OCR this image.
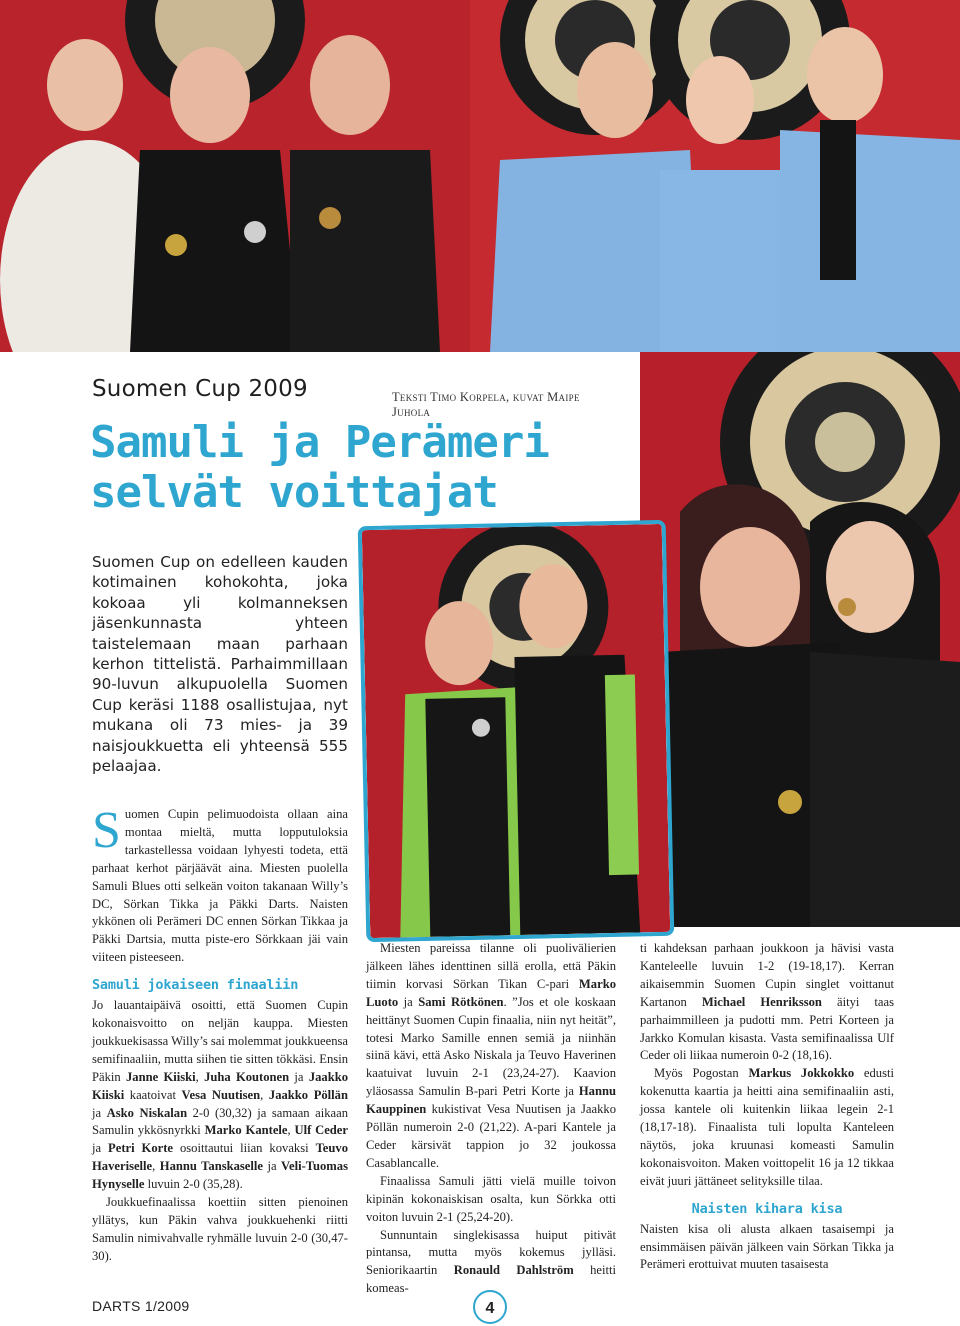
Suomen Cup 2009	Teksti Timo Korpela, kuvat Maipe Juhola
Samuli ja Perämeri
selvät voittajat

Suomen Cup on edelleen kauden kotimainen kohokohta, joka kokoaa yli kolmanneksen jäsenkunnasta yhteen taistelemaan maan parhaan kerhon tittelistä. Parhaimmillaan 90-luvun alkupuolella Suomen Cup keräsi 1188 osallistujaa, nyt mukana oli 73 mies- ja 39 naisjoukkuetta eli yhteensä 555 pelaajaa.

Suomen Cupin pelimuodoista ollaan aina montaa mieltä, mutta lopputuloksia tarkastellessa voidaan lyhyesti todeta, että parhaat kerhot pärjäävät aina. Miesten puolella Samuli Blues otti selkeän voiton takanaan Willy’s DC, Sörkan Tikka ja Päkki Darts. Naisten ykkönen oli Perämeri DC ennen Sörkan Tikkaa ja Päkki Dartsia, mutta piste-ero Sörkkaan jäi vain viiteen pisteeseen.

Samuli jokaiseen finaaliin

Jo lauantaipäivä osoitti, että Suomen Cupin kokonaisvoitto on neljän kauppa. Miesten joukkuekisassa Willy’s sai molemmat joukkueensa semifinaaliin, mutta siihen tie sitten tökkäsi. Ensin Päkin Janne Kiiski, Juha Koutonen ja Jaakko Kiiski kaatoivat Vesa Nuutisen, Jaakko Pöllän ja Asko Niskalan 2-0 (30,32) ja samaan aikaan Samulin ykkösnyrkki Marko Kantele, Ulf Ceder ja Petri Korte osoittautui liian kovaksi Teuvo Haveriselle, Hannu Tanskaselle ja Veli-Tuomas Hynyselle luvuin 2-0 (35,28).

Joukkuefinaalissa koettiin sitten pienoinen yllätys, kun Päkin vahva joukkuehenki riitti Samulin nimivahvalle ryhmälle luvuin 2-0 (30,47-30).

Miesten pareissa tilanne oli puolivälierien jälkeen lähes identtinen sillä erolla, että Päkin tiimin korvasi Sörkan Tikan C-pari Marko Luoto ja Sami Rötkönen. ”Jos et ole koskaan heittänyt Suomen Cupin finaalia, niin nyt heität”, totesi Marko Samille ennen semiä ja niinhän siinä kävi, että Asko Niskala ja Teuvo Haverinen kaatuivat luvuin 2-1 (23,24-27). Kaavion yläosassa Samulin B-pari Petri Korte ja Hannu Kauppinen kukistivat Vesa Nuutisen ja Jaakko Pöllän numeroin 2-0 (21,22). A-pari Kantele ja Ceder kärsivät tappion jo 32 joukossa Casablancalle.

Finaalissa Samuli jätti vielä muille toivon kipinän kokonaiskisan osalta, kun Sörkka otti voiton luvuin 2-1 (25,24-20).

Sunnuntain singlekisassa huiput pitivät pintansa, mutta myös kokemus jylläsi. Seniorikaartin Ronauld Dahlström heitti komeas-

ti kahdeksan parhaan joukkoon ja hävisi vasta Kanteleelle luvuin 1-2 (19-18,17). Kerran aikaisemmin Suomen Cupin singlet voittanut Kartanon Michael Henriksson äityi taas parhaimmilleen ja pudotti mm. Petri Korteen ja Jarkko Komulan kisasta. Vasta semifinaalissa Ulf Ceder oli liikaa numeroin 0-2 (18,16).

Myös Pogostan Markus Jokkokko edusti kokenutta kaartia ja heitti aina semifinaaliin asti, jossa kantele oli kuitenkin liikaa legein 2-1 (18,17-18). Finaalista tuli lopulta Kanteleen näytös, joka kruunasi komeasti Samulin kokonaisvoiton. Maken voittopelit 16 ja 12 tikkaa eivät juuri jättäneet selityksille tilaa.

Naisten kihara kisa

Naisten kisa oli alusta alkaen tasaisempi ja ensimmäisen päivän jälkeen vain Sörkan Tikka ja Perämeri erottuivat muuten tasaisesta

DARTS 1/2009	4
